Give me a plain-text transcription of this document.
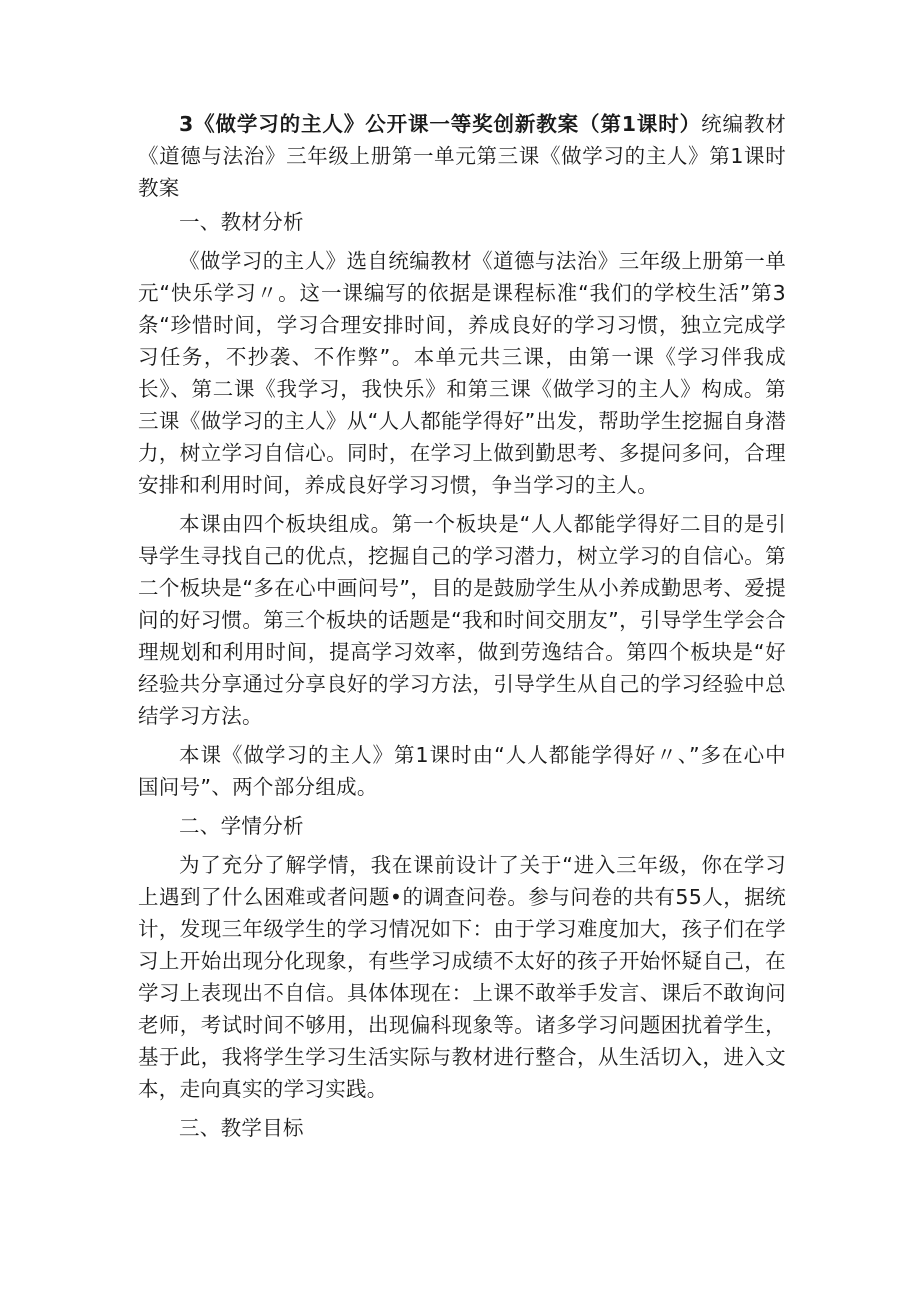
3《做学习的主人》公开课一等奖创新教案（第1课时）统编教材《道德与法治》三年级上册第一单元第三课《做学习的主人》第1课时教案

一、教材分析

《做学习的主人》选自统编教材《道德与法治》三年级上册第一单元“快乐学习〃。这一课编写的依据是课程标准“我们的学校生活”第3条“珍惜时间，学习合理安排时间，养成良好的学习习惯，独立完成学习任务，不抄袭、不作弊”。本单元共三课，由第一课《学习伴我成长》、第二课《我学习，我快乐》和第三课《做学习的主人》构成。第三课《做学习的主人》从“人人都能学得好”出发，帮助学生挖掘自身潜力，树立学习自信心。同时，在学习上做到勤思考、多提问多问，合理安排和利用时间，养成良好学习习惯，争当学习的主人。

本课由四个板块组成。第一个板块是“人人都能学得好二目的是引导学生寻找自己的优点，挖掘自己的学习潜力，树立学习的自信心。第二个板块是“多在心中画问号”，目的是鼓励学生从小养成勤思考、爱提问的好习惯。第三个板块的话题是“我和时间交朋友”，引导学生学会合理规划和利用时间，提高学习效率，做到劳逸结合。第四个板块是“好经验共分享通过分享良好的学习方法，引导学生从自己的学习经验中总结学习方法。

本课《做学习的主人》第1课时由“人人都能学得好〃、”多在心中国问号”、两个部分组成。

二、学情分析

为了充分了解学情，我在课前设计了关于“进入三年级，你在学习上遇到了什么困难或者问题•的调查问卷。参与问卷的共有55人，据统计，发现三年级学生的学习情况如下：由于学习难度加大，孩子们在学习上开始出现分化现象，有些学习成绩不太好的孩子开始怀疑自己，在学习上表现出不自信。具体体现在：上课不敢举手发言、课后不敢询问老师，考试时间不够用，出现偏科现象等。诸多学习问题困扰着学生，基于此，我将学生学习生活实际与教材进行整合，从生活切入，进入文本，走向真实的学习实践。

三、教学目标
